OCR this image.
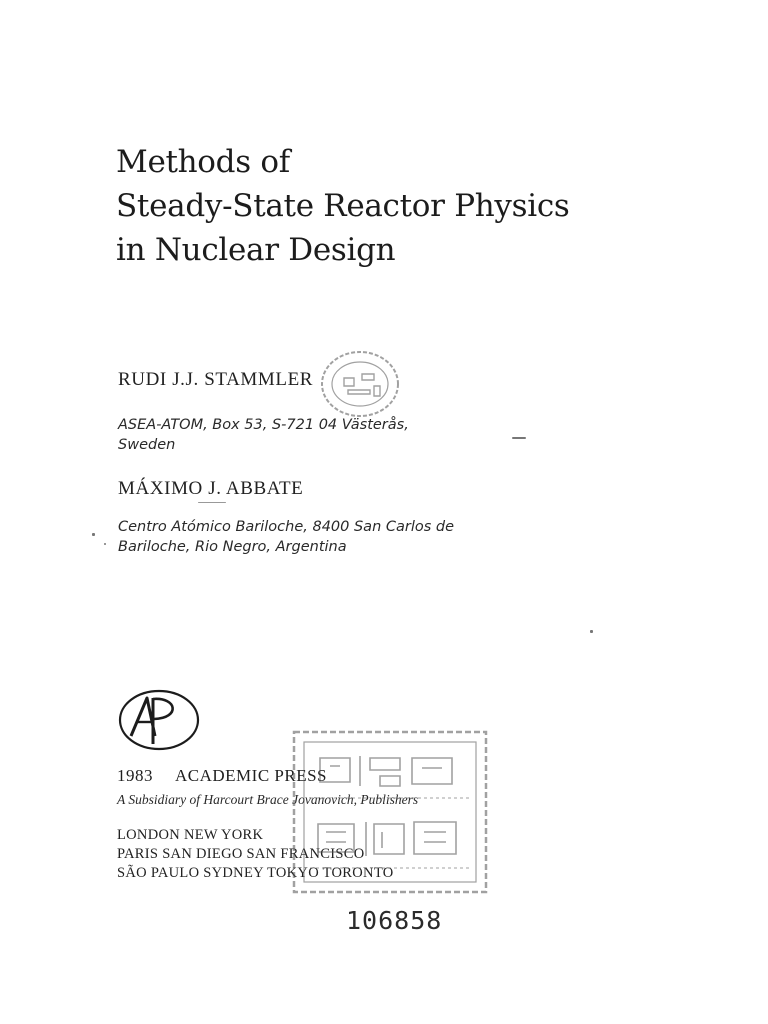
Methods of
Steady-State Reactor Physics
in Nuclear Design
RUDI J.J. STAMMLER
ASEA-ATOM, Box 53, S-721 04 Västerås,
Sweden
MÁXIMO J. ABBATE
Centro Atómico Bariloche, 8400 San Carlos de
Bariloche, Rio Negro, Argentina
1983 ACADEMIC PRESS
A Subsidiary of Harcourt Brace Jovanovich, Publishers
LONDON NEW YORK
PARIS SAN DIEGO SAN FRANCISCO
SÃO PAULO SYDNEY TOKYO TORONTO
106858
